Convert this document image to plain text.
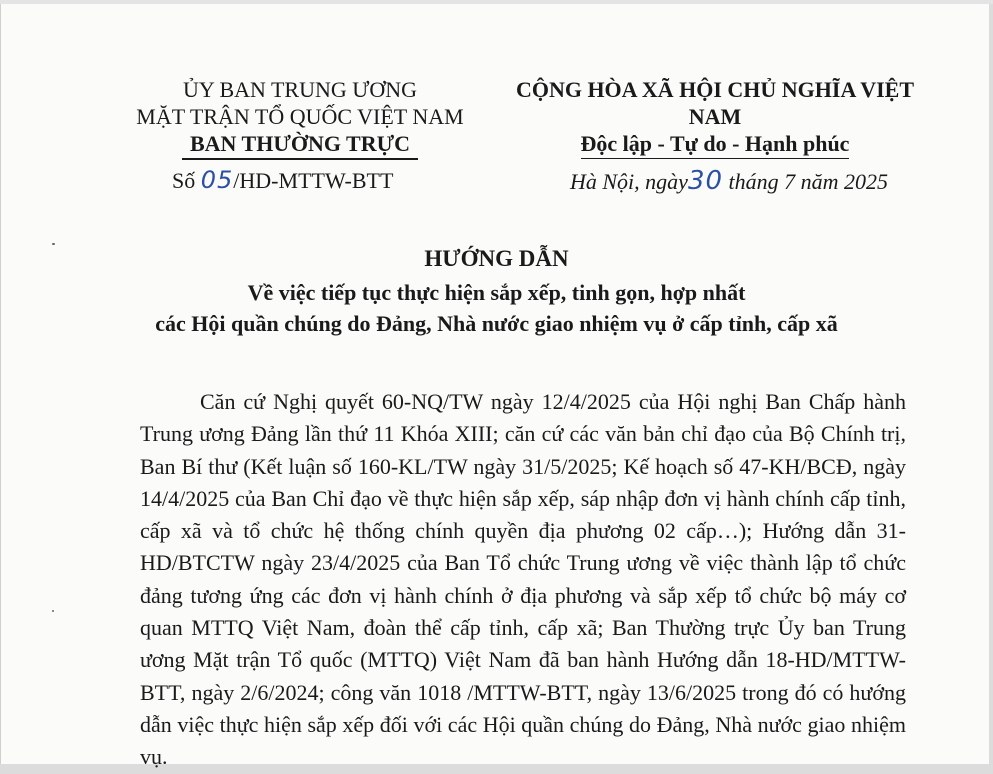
ỦY BAN TRUNG ƯƠNG
MẶT TRẬN TỔ QUỐC VIỆT NAM
BAN THƯỜNG TRỰC
Số 05/HD-MTTW-BTT
CỘNG HÒA XÃ HỘI CHỦ NGHĨA VIỆT NAM
Độc lập - Tự do - Hạnh phúc
Hà Nội, ngày30 tháng 7 năm 2025
HƯỚNG DẪN
Về việc tiếp tục thực hiện sắp xếp, tinh gọn, hợp nhất
các Hội quần chúng do Đảng, Nhà nước giao nhiệm vụ ở cấp tỉnh, cấp xã
Căn cứ Nghị quyết 60-NQ/TW ngày 12/4/2025 của Hội nghị Ban Chấp hành Trung ương Đảng lần thứ 11 Khóa XIII; căn cứ các văn bản chỉ đạo của Bộ Chính trị, Ban Bí thư (Kết luận số 160-KL/TW ngày 31/5/2025; Kế hoạch số 47-KH/BCĐ, ngày 14/4/2025 của Ban Chỉ đạo về thực hiện sắp xếp, sáp nhập đơn vị hành chính cấp tỉnh, cấp xã và tổ chức hệ thống chính quyền địa phương 02 cấp…); Hướng dẫn 31-HD/BTCTW ngày 23/4/2025 của Ban Tổ chức Trung ương về việc thành lập tổ chức đảng tương ứng các đơn vị hành chính ở địa phương và sắp xếp tổ chức bộ máy cơ quan MTTQ Việt Nam, đoàn thể cấp tỉnh, cấp xã; Ban Thường trực Ủy ban Trung ương Mặt trận Tổ quốc (MTTQ) Việt Nam đã ban hành Hướng dẫn 18-HD/MTTW-BTT, ngày 2/6/2024; công văn 1018 /MTTW-BTT, ngày 13/6/2025 trong đó có hướng dẫn việc thực hiện sắp xếp đối với các Hội quần chúng do Đảng, Nhà nước giao nhiệm vụ.
